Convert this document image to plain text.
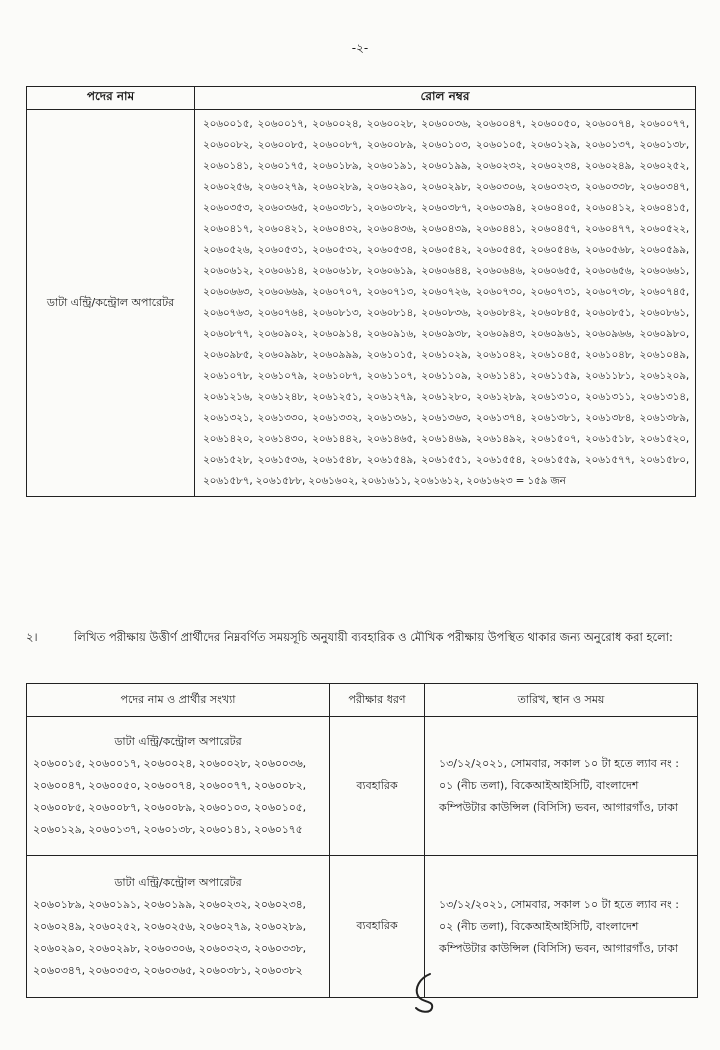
-২-
পদের নাম	রোল নম্বর
ডাটা এন্ট্রি/কন্ট্রোল অপারেটর	২০৬০০১৫, ২০৬০০১৭, ২০৬০০২৪, ২০৬০০২৮, ২০৬০০৩৬, ২০৬০০৪৭, ২০৬০০৫০, ২০৬০০৭৪, ২০৬০০৭৭, ২০৬০০৮২, ২০৬০০৮৫, ২০৬০০৮৭, ২০৬০০৮৯, ২০৬০১০৩, ২০৬০১০৫, ২০৬০১২৯, ২০৬০১৩৭, ২০৬০১৩৮, ২০৬০১৪১, ২০৬০১৭৫, ২০৬০১৮৯, ২০৬০১৯১, ২০৬০১৯৯, ২০৬০২৩২, ২০৬০২৩৪, ২০৬০২৪৯, ২০৬০২৫২, ২০৬০২৫৬, ২০৬০২৭৯, ২০৬০২৮৯, ২০৬০২৯০, ২০৬০২৯৮, ২০৬০৩০৬, ২০৬০৩২৩, ২০৬০৩৩৮, ২০৬০৩৪৭, ২০৬০৩৫৩, ২০৬০৩৬৫, ২০৬০৩৮১, ২০৬০৩৮২, ২০৬০৩৮৭, ২০৬০৩৯৪, ২০৬০৪০৫, ২০৬০৪১২, ২০৬০৪১৫, ২০৬০৪১৭, ২০৬০৪২১, ২০৬০৪৩২, ২০৬০৪৩৬, ২০৬০৪৩৯, ২০৬০৪৪১, ২০৬০৪৫৭, ২০৬০৪৭৭, ২০৬০৫২২, ২০৬০৫২৬, ২০৬০৫৩১, ২০৬০৫৩২, ২০৬০৫৩৪, ২০৬০৫৪২, ২০৬০৫৪৫, ২০৬০৫৪৬, ২০৬০৫৬৮, ২০৬০৫৯৯, ২০৬০৬১২, ২০৬০৬১৪, ২০৬০৬১৮, ২০৬০৬১৯, ২০৬০৬৪৪, ২০৬০৬৪৬, ২০৬০৬৫৫, ২০৬০৬৫৬, ২০৬০৬৬১, ২০৬০৬৬৩, ২০৬০৬৬৯, ২০৬০৭০৭, ২০৬০৭১৩, ২০৬০৭২৬, ২০৬০৭৩০, ২০৬০৭৩১, ২০৬০৭৩৮, ২০৬০৭৪৫, ২০৬০৭৬৩, ২০৬০৭৬৪, ২০৬০৮১৩, ২০৬০৮১৪, ২০৬০৮৩৬, ২০৬০৮৪২, ২০৬০৮৪৫, ২০৬০৮৫১, ২০৬০৮৬১, ২০৬০৮৭৭, ২০৬০৯০২, ২০৬০৯১৪, ২০৬০৯১৬, ২০৬০৯৩৮, ২০৬০৯৪৩, ২০৬০৯৬১, ২০৬০৯৬৬, ২০৬০৯৮০, ২০৬০৯৮৫, ২০৬০৯৯৮, ২০৬০৯৯৯, ২০৬১০১৫, ২০৬১০২৯, ২০৬১০৪২, ২০৬১০৪৫, ২০৬১০৪৮, ২০৬১০৪৯, ২০৬১০৭৮, ২০৬১০৭৯, ২০৬১০৮৭, ২০৬১১০৭, ২০৬১১০৯, ২০৬১১৪১, ২০৬১১৫৯, ২০৬১১৮১, ২০৬১২০৯, ২০৬১২১৬, ২০৬১২৪৮, ২০৬১২৫১, ২০৬১২৭৯, ২০৬১২৮০, ২০৬১২৮৯, ২০৬১৩১০, ২০৬১৩১১, ২০৬১৩১৪, ২০৬১৩২১, ২০৬১৩৩০, ২০৬১৩৩২, ২০৬১৩৬১, ২০৬১৩৬৩, ২০৬১৩৭৪, ২০৬১৩৮১, ২০৬১৩৮৪, ২০৬১৩৮৯, ২০৬১৪২০, ২০৬১৪৩০, ২০৬১৪৪২, ২০৬১৪৬৫, ২০৬১৪৬৯, ২০৬১৪৯২, ২০৬১৫০৭, ২০৬১৫১৮, ২০৬১৫২০, ২০৬১৫২৮, ২০৬১৫৩৬, ২০৬১৫৪৮, ২০৬১৫৪৯, ২০৬১৫৫১, ২০৬১৫৫৪, ২০৬১৫৫৯, ২০৬১৫৭৭, ২০৬১৫৮০, ২০৬১৫৮৭, ২০৬১৫৮৮, ২০৬১৬০২, ২০৬১৬১১, ২০৬১৬১২, ২০৬১৬২৩ = ১৫৯ জন
২।	লিখিত পরীক্ষায় উত্তীর্ণ প্রার্থীদের নিম্নবর্ণিত সময়সূচি অনুযায়ী ব্যবহারিক ও মৌখিক পরীক্ষায় উপস্থিত থাকার জন্য অনুরোধ করা হলো:
পদের নাম ও প্রার্থীর সংখ্যা	পরীক্ষার ধরণ	তারিখ, স্থান ও সময়

ডাটা এন্ট্রি/কন্ট্রোল অপারেটর
২০৬০০১৫, ২০৬০০১৭, ২০৬০০২৪, ২০৬০০২৮, ২০৬০০৩৬, ২০৬০০৪৭, ২০৬০০৫০, ২০৬০০৭৪, ২০৬০০৭৭, ২০৬০০৮২, ২০৬০০৮৫, ২০৬০০৮৭, ২০৬০০৮৯, ২০৬০১০৩, ২০৬০১০৫, ২০৬০১২৯, ২০৬০১৩৭, ২০৬০১৩৮, ২০৬০১৪১, ২০৬০১৭৫	ব্যবহারিক	১৩/১২/২০২১, সোমবার, সকাল ১০ টা হতে ল্যাব নং : ০১ (নীচ তলা), বিকেআইআইসিটি, বাংলাদেশ কম্পিউটার কাউন্সিল (বিসিসি) ভবন, আগারগাঁও, ঢাকা

ডাটা এন্ট্রি/কন্ট্রোল অপারেটর
২০৬০১৮৯, ২০৬০১৯১, ২০৬০১৯৯, ২০৬০২৩২, ২০৬০২৩৪, ২০৬০২৪৯, ২০৬০২৫২, ২০৬০২৫৬, ২০৬০২৭৯, ২০৬০২৮৯, ২০৬০২৯০, ২০৬০২৯৮, ২০৬০৩০৬, ২০৬০৩২৩, ২০৬০৩৩৮, ২০৬০৩৪৭, ২০৬০৩৫৩, ২০৬০৩৬৫, ২০৬০৩৮১, ২০৬০৩৮২	ব্যবহারিক	১৩/১২/২০২১, সোমবার, সকাল ১০ টা হতে ল্যাব নং : ০২ (নীচ তলা), বিকেআইআইসিটি, বাংলাদেশ কম্পিউটার কাউন্সিল (বিসিসি) ভবন, আগারগাঁও, ঢাকা
